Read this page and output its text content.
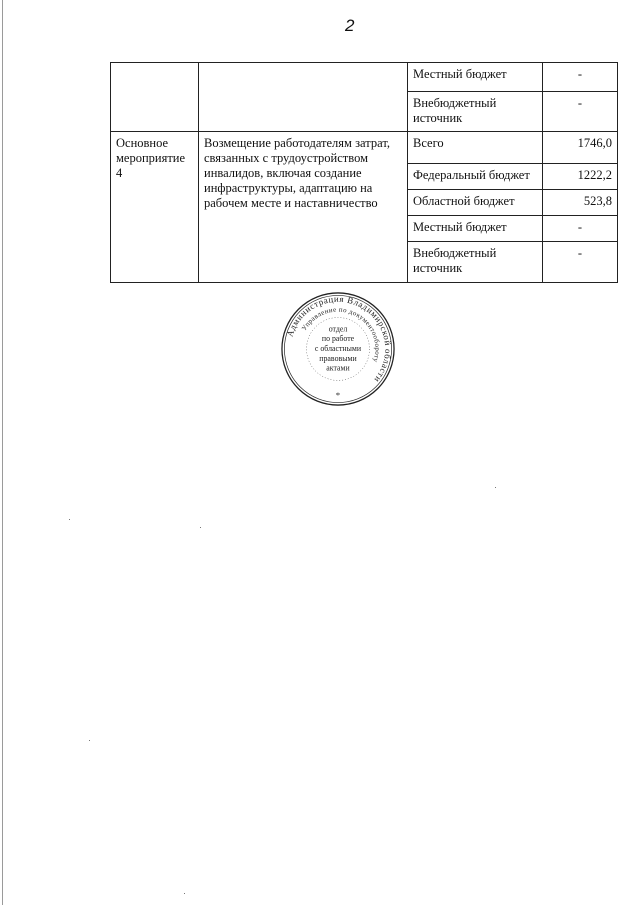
2
		Местный бюджет	-
		Внебюджетный источник	-
Основное мероприятие 4	Возмещение работодателям затрат, связанных с трудоустройством инвалидов, включая создание инфраструктуры, адаптацию на рабочем месте и наставничество	Всего	1746,0
		Федеральный бюджет	1222,2
		Областной бюджет	523,8
		Местный бюджет	-
		Внебюджетный источник	-
Администрация Владимирской области
Управление по документообороту
отдел
по работе
с областными
правовыми
актами
*
